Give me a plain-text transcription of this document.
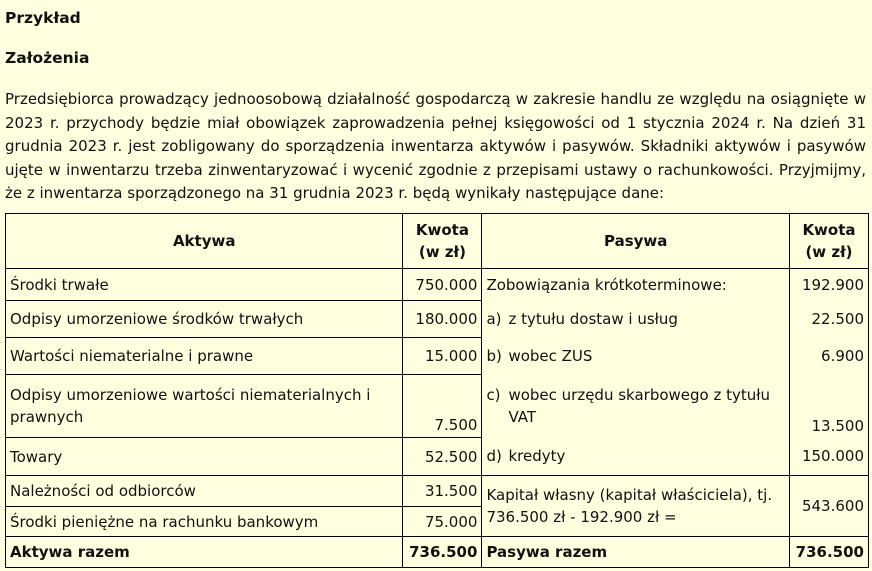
Przykład
Założenia

Przedsiębiorca prowadzący jednoosobową działalność gospodarczą w zakresie handlu ze względu na osiągnięte w 2023 r. przychody będzie miał obowiązek zaprowadzenia pełnej księgowości od 1 stycznia 2024 r. Na dzień 31 grudnia 2023 r. jest zobligowany do sporządzenia inwentarza aktywów i pasywów. Składniki aktywów i pasywów ujęte w inwentarzu trzeba zinwentaryzować i wycenić zgodnie z przepisami ustawy o rachunkowości. Przyjmijmy, że z inwentarza sporządzonego na 31 grudnia 2023 r. będą wynikały następujące dane:

Aktywa	Kwota (w zł)	Pasywa	Kwota (w zł)
Środki trwałe	750.000	Zobowiązania krótkoterminowe:	192.900
Odpisy umorzeniowe środków trwałych	180.000	a) z tytułu dostaw i usług	22.500
Wartości niematerialne i prawne	15.000	b) wobec ZUS	6.900
Odpisy umorzeniowe wartości niematerialnych i prawnych	7.500	c) wobec urzędu skarbowego z tytułu VAT	13.500
Towary	52.500	d) kredyty	150.000
Należności od odbiorców	31.500	Kapitał własny (kapitał właściciela), tj. 736.500 zł - 192.900 zł =	543.600
Środki pieniężne na rachunku bankowym	75.000		
Aktywa razem	736.500	Pasywa razem	736.500
